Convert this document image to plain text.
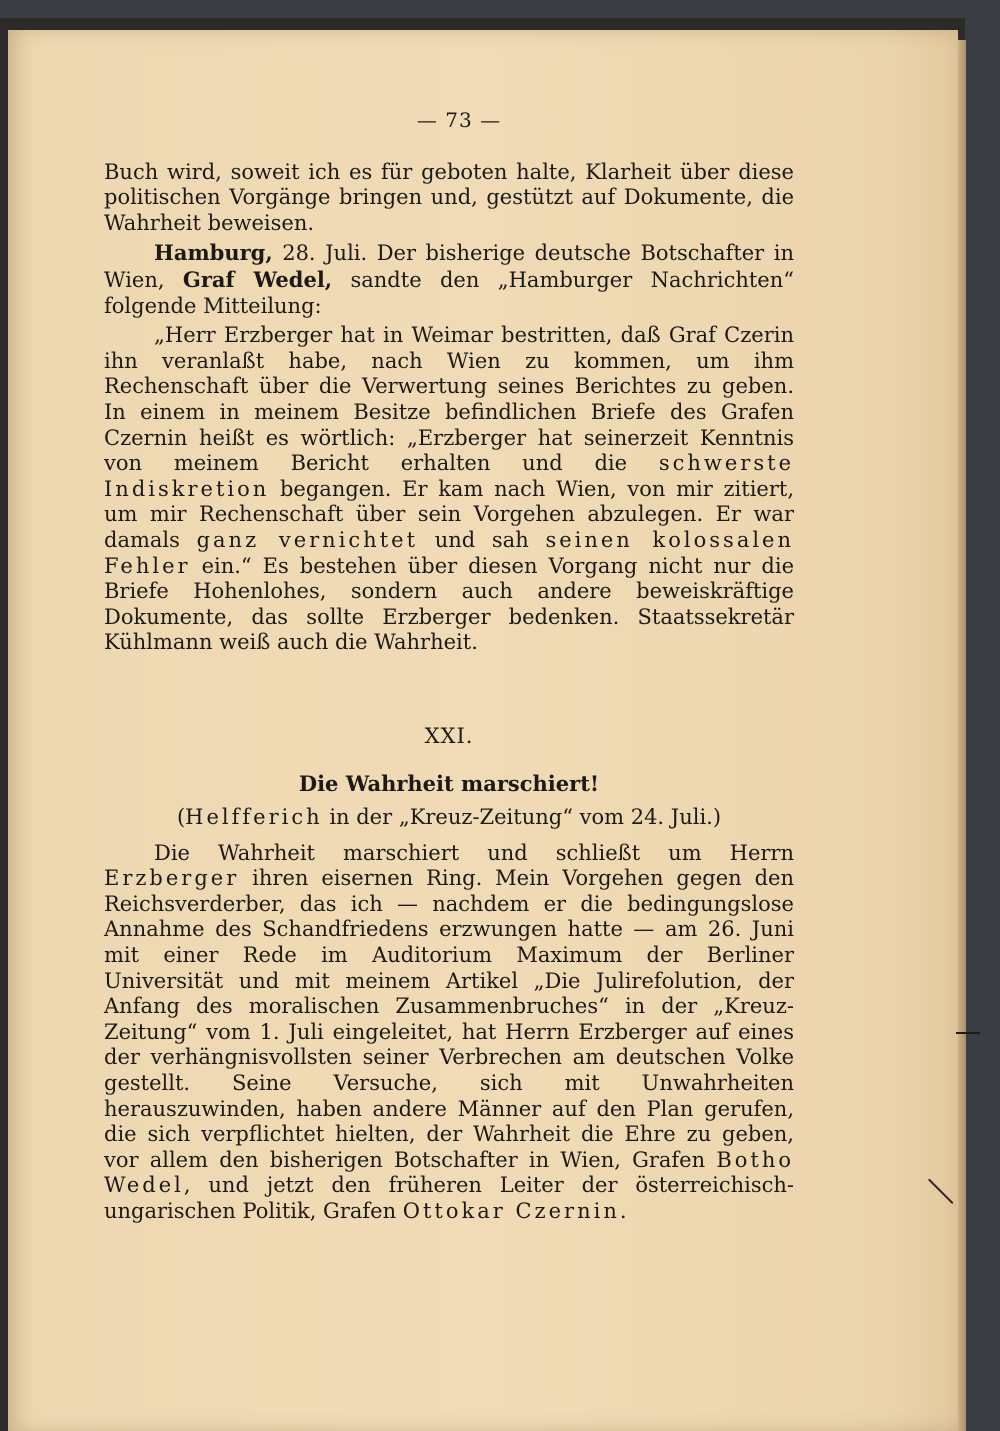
— 73 —

Buch wird, soweit ich es für geboten halte, Klarheit über diese politischen Vorgänge bringen und, gestützt auf Dokumente, die Wahrheit beweisen.

Hamburg, 28. Juli. Der bisherige deutsche Botschafter in Wien, Graf Wedel, sandte den „Hamburger Nachrichten“ folgende Mitteilung:

„Herr Erzberger hat in Weimar bestritten, daß Graf Czerin ihn veranlaßt habe, nach Wien zu kommen, um ihm Rechenschaft über die Verwertung seines Berichtes zu geben. In einem in meinem Besitze befindlichen Briefe des Grafen Czernin heißt es wörtlich: „Erzberger hat seinerzeit Kenntnis von meinem Bericht erhalten und die schwerste Indiskretion begangen. Er kam nach Wien, von mir zitiert, um mir Rechenschaft über sein Vorgehen abzulegen. Er war damals ganz vernichtet und sah seinen kolossalen Fehler ein.“ Es bestehen über diesen Vorgang nicht nur die Briefe Hohenlohes, sondern auch andere beweiskräftige Dokumente, das sollte Erzberger bedenken. Staatssekretär Kühlmann weiß auch die Wahrheit.

XXI.
Die Wahrheit marschiert!
(Helfferich in der „Kreuz-Zeitung“ vom 24. Juli.)

Die Wahrheit marschiert und schließt um Herrn Erzberger ihren eisernen Ring. Mein Vorgehen gegen den Reichsverderber, das ich — nachdem er die bedingungslose Annahme des Schandfriedens erzwungen hatte — am 26. Juni mit einer Rede im Auditorium Maximum der Berliner Universität und mit meinem Artikel „Die Julirefolution, der Anfang des moralischen Zusammenbruches“ in der „Kreuz-Zeitung“ vom 1. Juli eingeleitet, hat Herrn Erzberger auf eines der verhängnisvollsten seiner Verbrechen am deutschen Volke gestellt. Seine Versuche, sich mit Unwahrheiten herauszuwinden, haben andere Männer auf den Plan gerufen, die sich verpflichtet hielten, der Wahrheit die Ehre zu geben, vor allem den bisherigen Botschafter in Wien, Grafen Botho Wedel, und jetzt den früheren Leiter der österreichisch-ungarischen Politik, Grafen Ottokar Czernin.
